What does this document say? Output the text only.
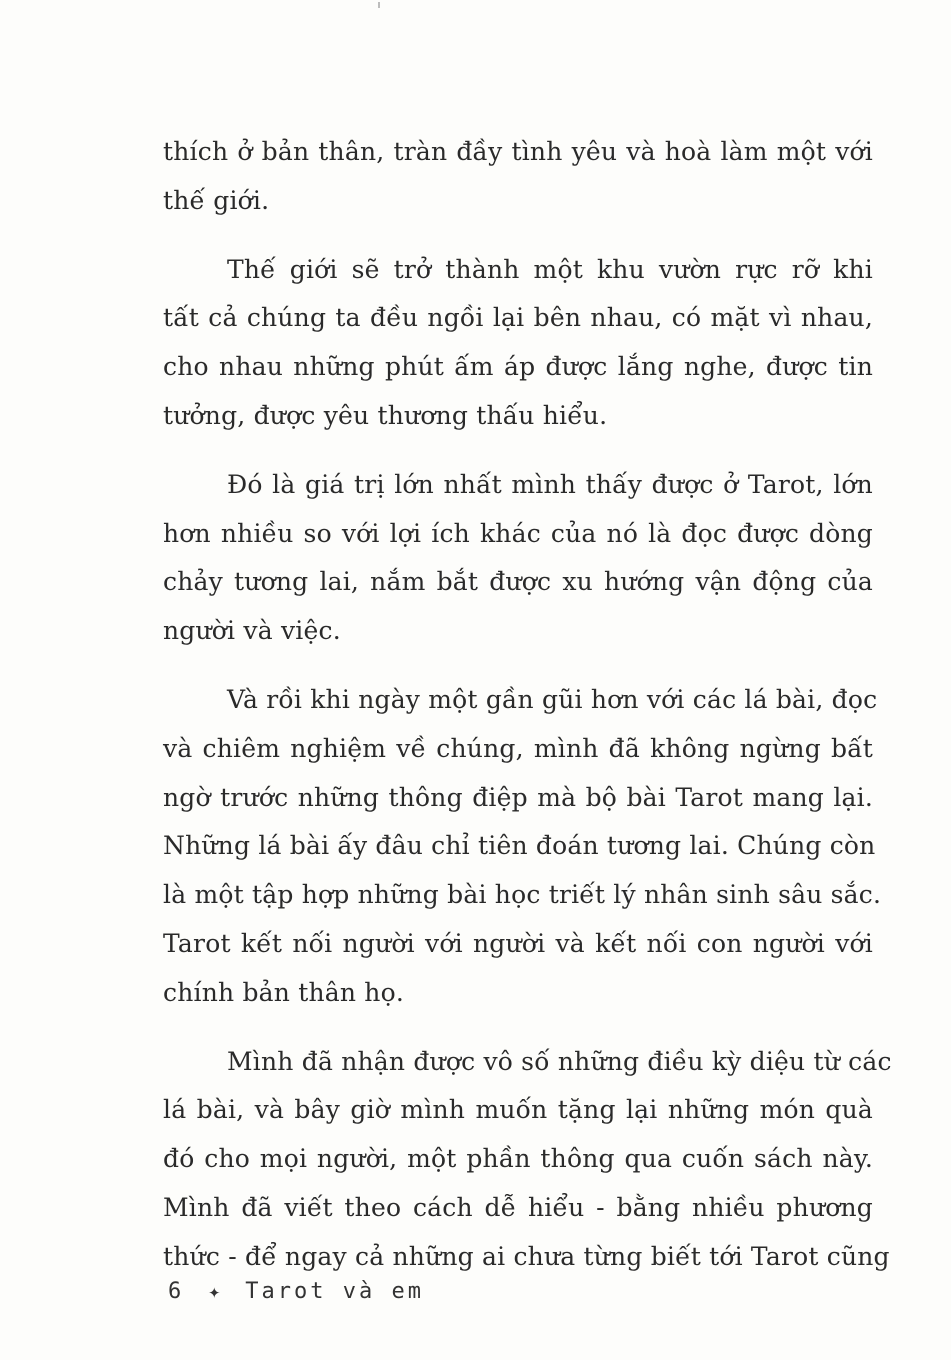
thích ở bản thân, tràn đầy tình yêu và hoà làm một với
thế giới.

Thế giới sẽ trở thành một khu vườn rực rỡ khi
tất cả chúng ta đều ngồi lại bên nhau, có mặt vì nhau,
cho nhau những phút ấm áp được lắng nghe, được tin
tưởng, được yêu thương thấu hiểu.

Đó là giá trị lớn nhất mình thấy được ở Tarot, lớn
hơn nhiều so với lợi ích khác của nó là đọc được dòng
chảy tương lai, nắm bắt được xu hướng vận động của
người và việc.

Và rồi khi ngày một gần gũi hơn với các lá bài, đọc
và chiêm nghiệm về chúng, mình đã không ngừng bất
ngờ trước những thông điệp mà bộ bài Tarot mang lại.
Những lá bài ấy đâu chỉ tiên đoán tương lai. Chúng còn
là một tập hợp những bài học triết lý nhân sinh sâu sắc.
Tarot kết nối người với người và kết nối con người với
chính bản thân họ.

Mình đã nhận được vô số những điều kỳ diệu từ các
lá bài, và bây giờ mình muốn tặng lại những món quà
đó cho mọi người, một phần thông qua cuốn sách này.
Mình đã viết theo cách dễ hiểu - bằng nhiều phương
thức - để ngay cả những ai chưa từng biết tới Tarot cũng

6 ✦ Tarot và em
